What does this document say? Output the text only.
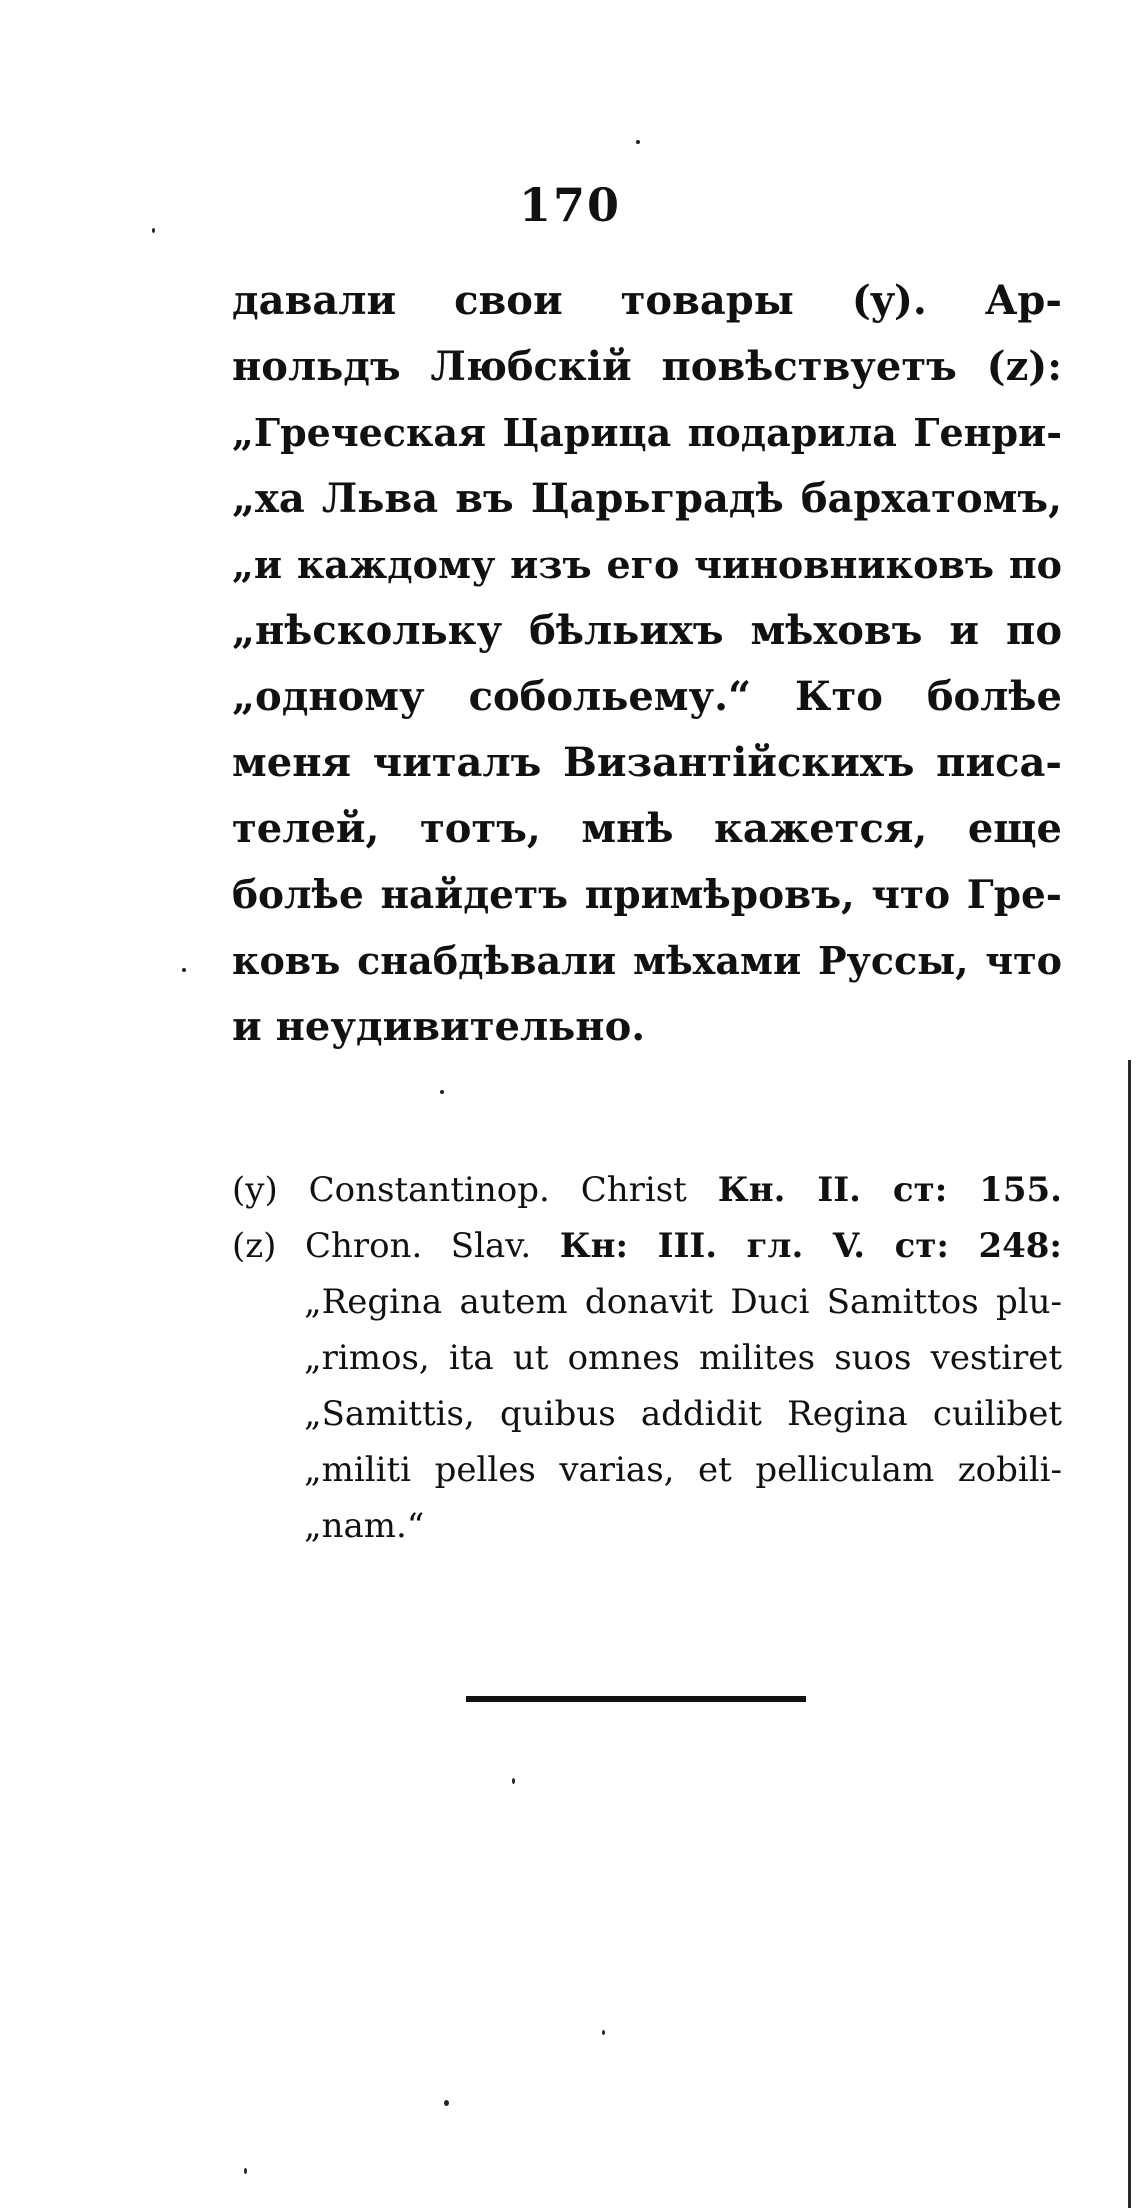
170
давали свои товары (y). Ар-
нольдъ Любскій повѣствуетъ (z):
„Греческая Царица подарила Генри-
„ха Льва въ Царьградѣ бархатомъ,
„и каждому изъ его чиновниковъ по
„нѣскольку бѣльихъ мѣховъ и по
„одному собольему.“ Кто болѣе
меня читалъ Византійскихъ писа-
телей, тотъ, мнѣ кажется, еще
болѣе найдетъ примѣровъ, что Гре-
ковъ снабдѣвали мѣхами Руссы, что
и неудивительно.
(y) Constantinop. Christ Кн. II. ст: 155.
(z) Chron. Slav. Кн: III. гл. V. ст: 248:
„Regina autem donavit Duci Samittos plu-
„rimos, ita ut omnes milites suos vestiret
„Samittis, quibus addidit Regina cuilibet
„militi pelles varias, et pelliculam zobili-
„nam.“
